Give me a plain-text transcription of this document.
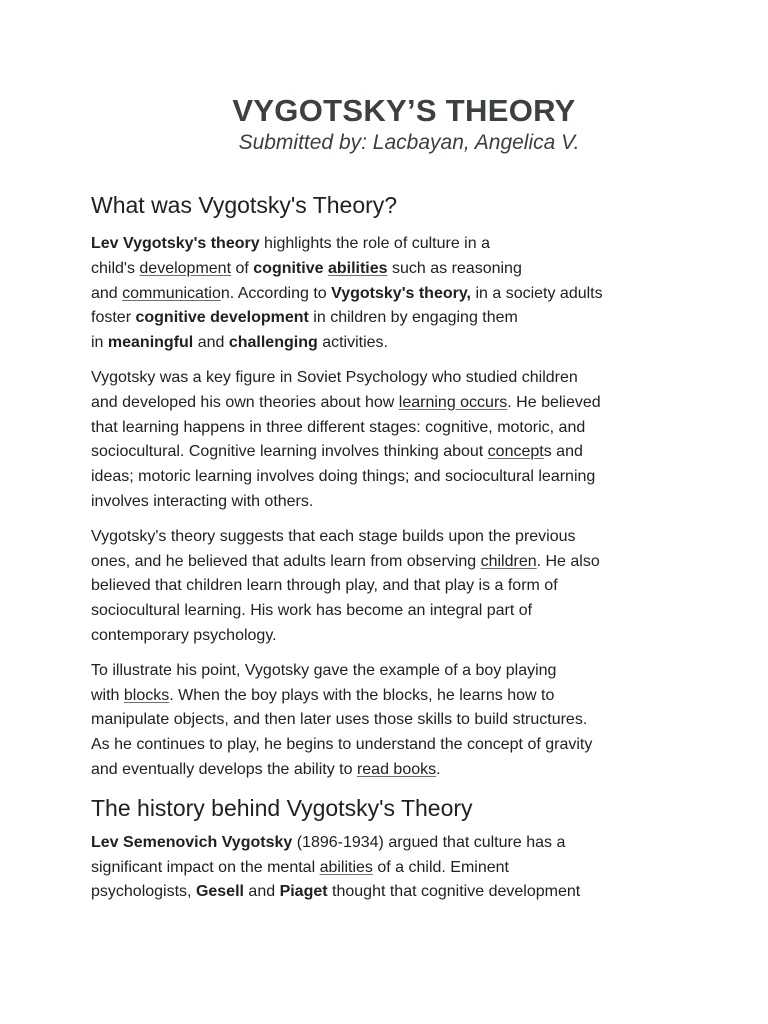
VYGOTSKY’S THEORY
Submitted by: Lacbayan, Angelica V.
What was Vygotsky's Theory?

Lev Vygotsky's theory highlights the role of culture in a
child's development of cognitive abilities such as reasoning
and communication. According to Vygotsky's theory, in a society adults
foster cognitive development in children by engaging them
in meaningful and challenging activities.

Vygotsky was a key figure in Soviet Psychology who studied children
and developed his own theories about how learning occurs. He believed
that learning happens in three different stages: cognitive, motoric, and
sociocultural. Cognitive learning involves thinking about concepts and
ideas; motoric learning involves doing things; and sociocultural learning
involves interacting with others.

Vygotsky's theory suggests that each stage builds upon the previous
ones, and he believed that adults learn from observing children. He also
believed that children learn through play, and that play is a form of
sociocultural learning. His work has become an integral part of
contemporary psychology.

To illustrate his point, Vygotsky gave the example of a boy playing
with blocks. When the boy plays with the blocks, he learns how to
manipulate objects, and then later uses those skills to build structures.
As he continues to play, he begins to understand the concept of gravity
and eventually develops the ability to read books.

The history behind Vygotsky's Theory

Lev Semenovich Vygotsky (1896-1934) argued that culture has a
significant impact on the mental abilities of a child. Eminent
psychologists, Gesell and Piaget thought that cognitive development
